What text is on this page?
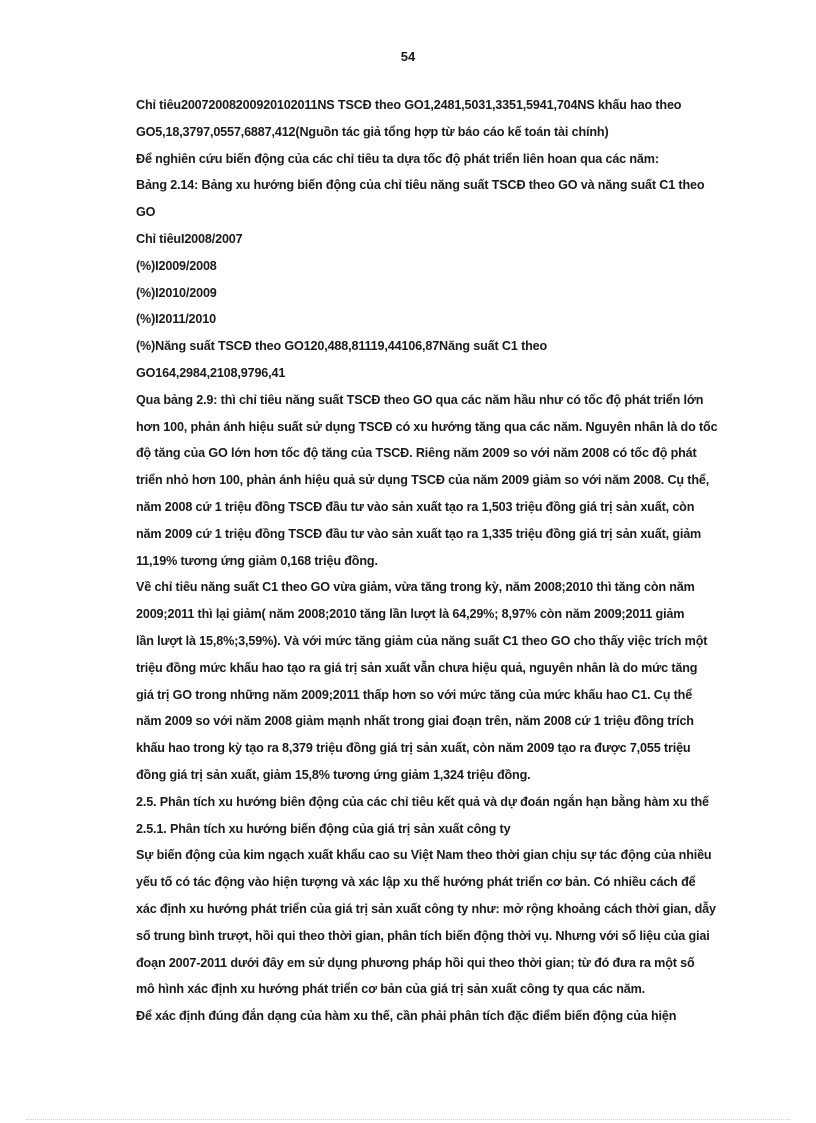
54
Chỉ tiêu20072008200920102011NS TSCĐ theo GO1,2481,5031,3351,5941,704NS khấu hao theo
GO5,18,3797,0557,6887,412(Nguồn tác giả tổng hợp từ báo cáo kế toán tài chính)
Để nghiên cứu biến động của các chỉ tiêu ta dựa tốc độ phát triển liên hoan qua các năm:
Bảng 2.14: Bảng xu hướng biến động của chỉ tiêu năng suất TSCĐ theo GO và năng suất C1 theo
GO
Chỉ tiêuI2008/2007
(%)I2009/2008
(%)I2010/2009
(%)I2011/2010
(%)Năng suất TSCĐ theo GO120,488,81119,44106,87Năng suất C1 theo
GO164,2984,2108,9796,41
Qua bảng 2.9: thì chỉ tiêu năng suất TSCĐ theo GO qua các năm hầu như có tốc độ phát triển lớn
hơn 100, phản ánh hiệu suất sử dụng TSCĐ có xu hướng tăng qua các năm. Nguyên nhân là do tốc
độ tăng của GO lớn hơn tốc độ tăng của TSCĐ. Riêng năm 2009 so với năm 2008 có tốc độ phát
triển nhỏ hơn 100, phản ánh hiệu quả sử dụng TSCĐ của năm 2009 giảm so với năm 2008. Cụ thể,
năm 2008 cứ 1 triệu đồng TSCĐ đầu tư vào sản xuất tạo ra 1,503 triệu đồng giá trị sản xuất, còn
năm 2009 cứ 1 triệu đồng TSCĐ đầu tư vào sản xuất tạo ra 1,335 triệu đồng giá trị sản xuất, giảm
11,19% tương ứng giảm 0,168 triệu đồng.
Về chỉ tiêu năng suất C1 theo GO vừa giảm, vừa tăng trong kỳ, năm 2008;2010 thì tăng còn năm
2009;2011 thì lại giảm( năm 2008;2010 tăng lần lượt là 64,29%; 8,97% còn năm 2009;2011 giảm
lần lượt là 15,8%;3,59%). Và với mức tăng giảm của năng suất C1 theo GO cho thấy việc trích một
triệu đồng mức khấu hao tạo ra giá trị sản xuất vẫn chưa hiệu quả, nguyên nhân là do mức tăng
giá trị GO trong những năm 2009;2011 thấp hơn so với mức tăng của mức khấu hao C1. Cụ thể
năm 2009 so với năm 2008 giảm mạnh nhất trong giai đoạn trên, năm 2008 cứ 1 triệu đồng trích
khấu hao trong kỳ tạo ra 8,379 triệu đồng giá trị sản xuất, còn năm 2009 tạo ra được 7,055 triệu
đồng giá trị sản xuất, giảm 15,8% tương ứng giảm 1,324 triệu đồng.
2.5. Phân tích xu hướng biên động của các chỉ tiêu kết quả và dự đoán ngắn hạn bằng hàm xu thế
2.5.1. Phân tích xu hướng biến động của giá trị sản xuất công ty
Sự biến động của kim ngạch xuất khẩu cao su Việt Nam theo thời gian chịu sự tác động của nhiều
yếu tố có tác động vào hiện tượng và xác lập xu thế hướng phát triển cơ bản. Có nhiều cách để
xác định xu hướng phát triển của giá trị sản xuất công ty như: mở rộng khoảng cách thời gian, dẫy
số trung bình trượt, hồi qui theo thời gian, phân tích biến động thời vụ. Nhưng với số liệu của giai
đoạn 2007-2011 dưới đây em sử dụng phương pháp hồi qui theo thời gian; từ đó đưa ra một số
mô hình xác định xu hướng phát triển cơ bản của giá trị sản xuất công ty qua các năm.
Để xác định đúng đắn dạng của hàm xu thế, cần phải phân tích đặc điểm biến động của hiện
